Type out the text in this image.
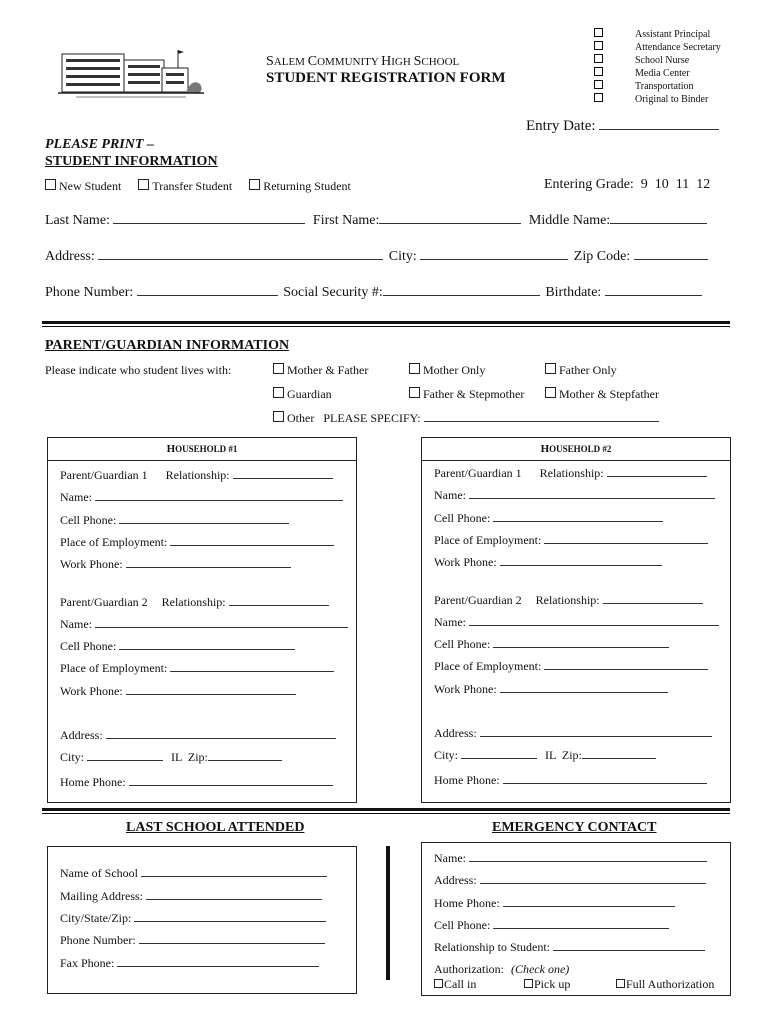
SALEM COMMUNITY HIGH SCHOOL
STUDENT REGISTRATION FORM
Assistant Principal
Attendance Secretary
School Nurse
Media Center
Transportation
Original to Binder
Entry Date:
PLEASE PRINT –
STUDENT INFORMATION
New Student	Transfer Student	Returning Student	Entering Grade:  9  10  11  12
Last Name:	First Name:	Middle Name:
Address:	City:	Zip Code:
Phone Number:	Social Security #:	Birthdate:
PARENT/GUARDIAN INFORMATION
Please indicate who student lives with:	Mother & Father	Mother Only	Father Only
Guardian	Father & Stepmother	Mother & Stepfather
Other   PLEASE SPECIFY:
HOUSEHOLD #1
Parent/Guardian 1 Relationship:
Name:
Cell Phone:
Place of Employment:
Work Phone:
Parent/Guardian 2 Relationship:
Name:
Cell Phone:
Place of Employment:
Work Phone:
Address:
City:	IL  Zip:
Home Phone:
HOUSEHOLD #2
Parent/Guardian 1 Relationship:
Name:
Cell Phone:
Place of Employment:
Work Phone:
Parent/Guardian 2 Relationship:
Name:
Cell Phone:
Place of Employment:
Work Phone:
Address:
City:	IL  Zip:
Home Phone:
LAST SCHOOL ATTENDED
Name of School
Mailing Address:
City/State/Zip:
Phone Number:
Fax Phone:
EMERGENCY CONTACT
Name:
Address:
Home Phone:
Cell Phone:
Relationship to Student:
Authorization: (Check one)
Call in	Pick up	Full Authorization
